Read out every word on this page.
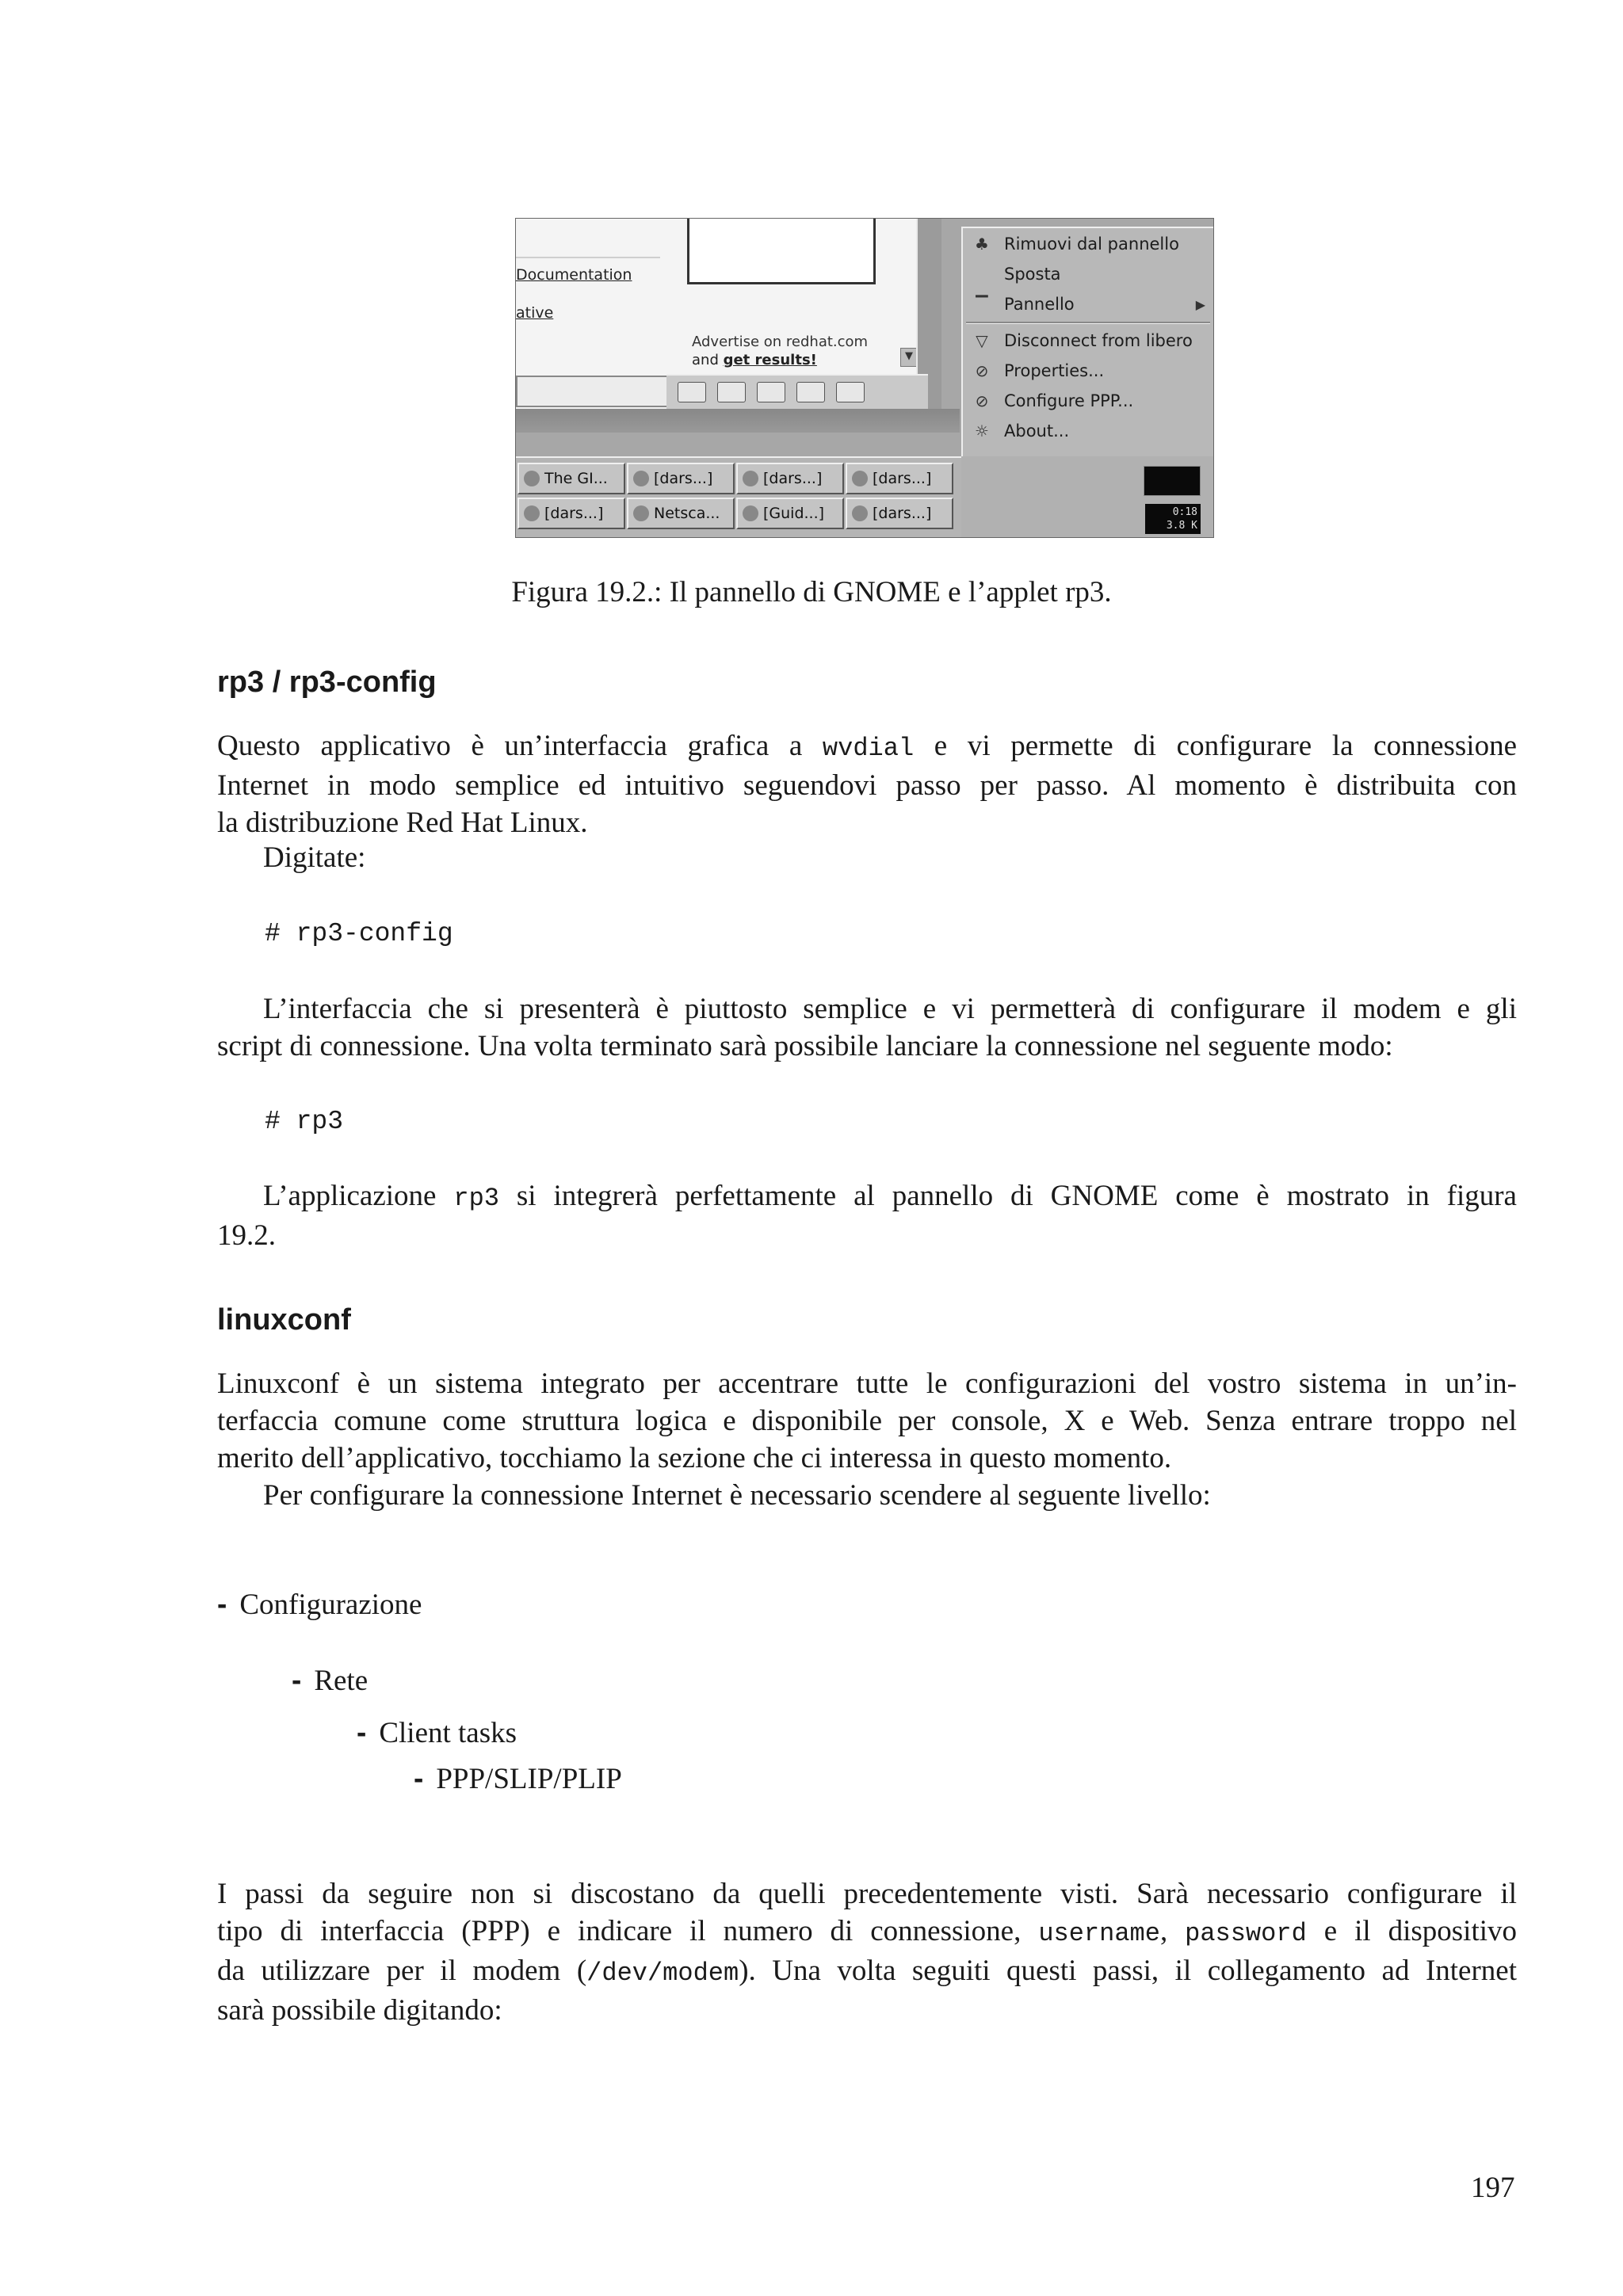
Documentation
ative
Advertise on redhat.com
and get results!	▼
♣ Rimuovi dal pannello
Sposta
▔ Pannello	▶
▽ Disconnect from libero
⊘ Properties...
⊘ Configure PPP...
☼ About...
The GI...	[dars...]	[dars...]	[dars...]
[dars...]	Netsca...	[Guid...]	[dars...]	0:18
3.8 K
Figura 19.2.: Il pannello di GNOME e l’applet rp3.
rp3 / rp3-config
Questo applicativo è un’interfaccia grafica a wvdial e vi permette di configurare la connessione
Internet in modo semplice ed intuitivo seguendovi passo per passo. Al momento è distribuita con
la distribuzione Red Hat Linux.
Digitate:
# rp3-config
L’interfaccia che si presenterà è piuttosto semplice e vi permetterà di configurare il modem e gli
script di connessione. Una volta terminato sarà possibile lanciare la connessione nel seguente modo:
# rp3
L’applicazione rp3 si integrerà perfettamente al pannello di GNOME come è mostrato in figura
19.2.
linuxconf
Linuxconf è un sistema integrato per accentrare tutte le configurazioni del vostro sistema in un’in-
terfaccia comune come struttura logica e disponibile per console, X e Web. Senza entrare troppo nel
merito dell’applicativo, tocchiamo la sezione che ci interessa in questo momento.
Per configurare la connessione Internet è necessario scendere al seguente livello:
- Configurazione
- Rete
- Client tasks
- PPP/SLIP/PLIP
I passi da seguire non si discostano da quelli precedentemente visti. Sarà necessario configurare il
tipo di interfaccia (PPP) e indicare il numero di connessione, username, password e il dispositivo
da utilizzare per il modem (/dev/modem). Una volta seguiti questi passi, il collegamento ad Internet
sarà possibile digitando:
197
